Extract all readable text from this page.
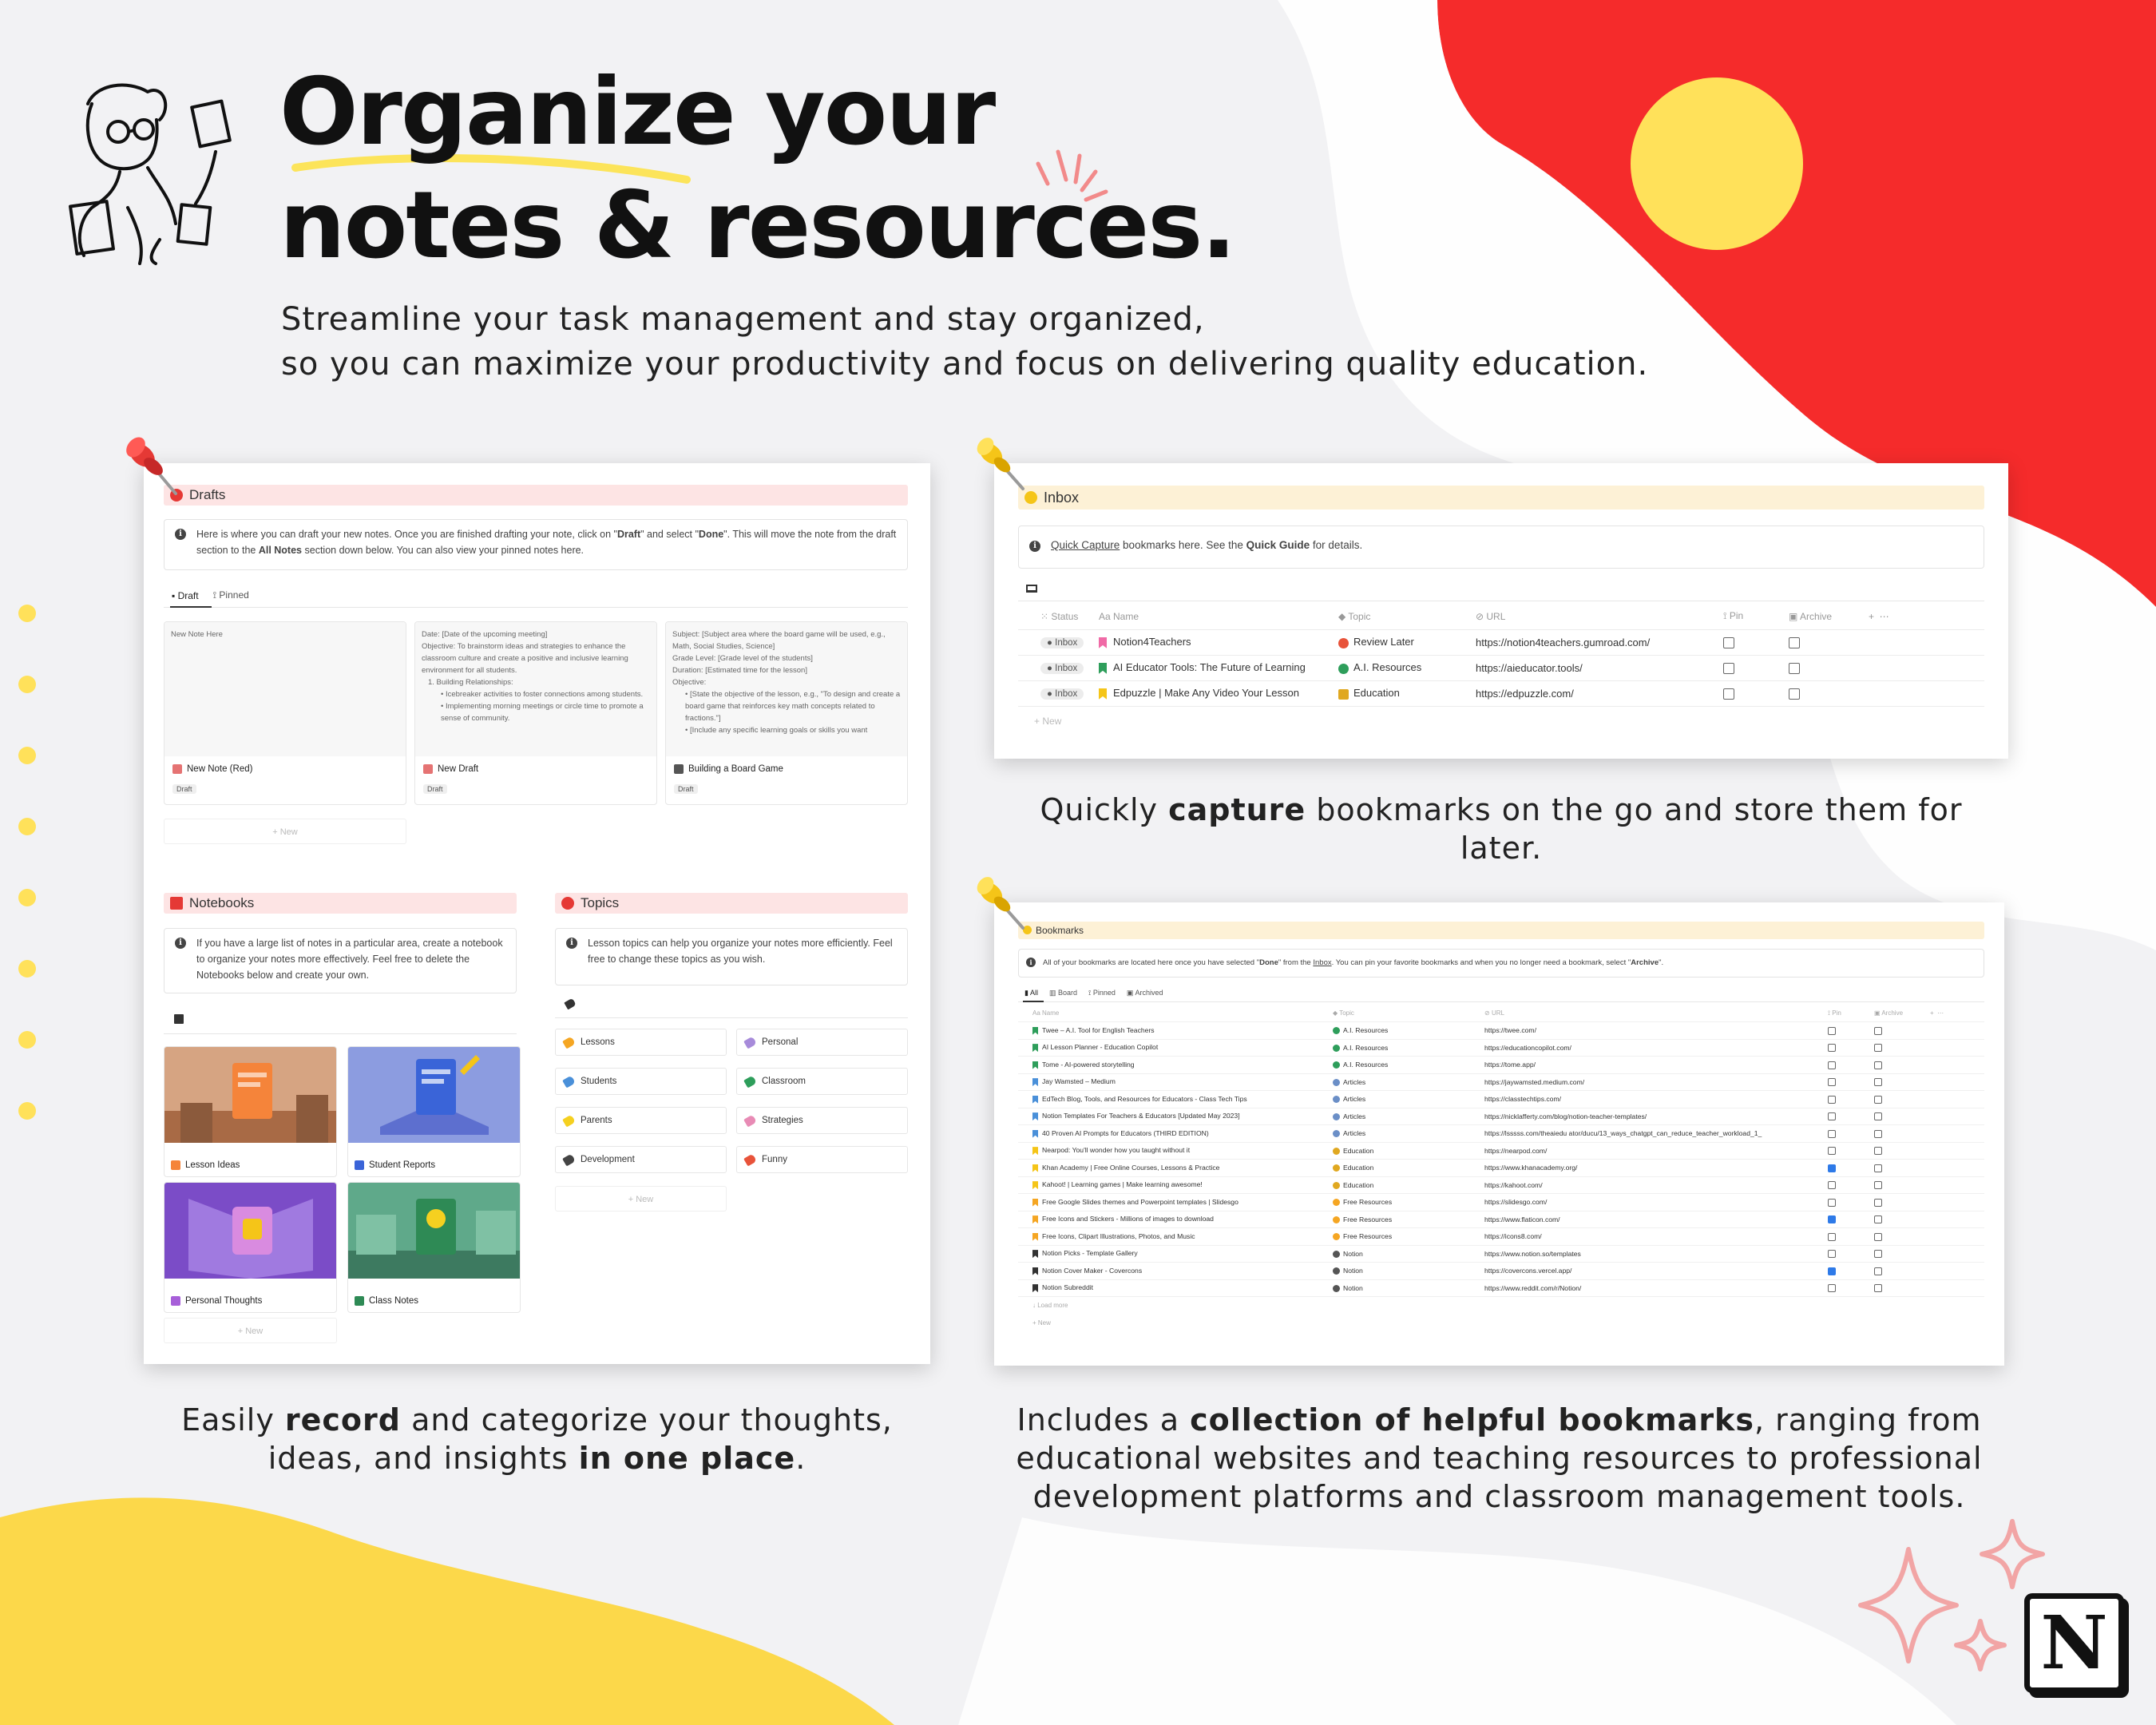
Organize your
notes & resources.
Streamline your task management and stay organized,
so you can maximize your productivity and focus on delivering quality education.
Drafts
i	Here is where you can draft your new notes. Once you are finished drafting your note, click on "Draft" and select "Done". This will move the note from the draft section to the All Notes section down below. You can also view your pinned notes here.
▪ Draft ⟟ Pinned
New Note Here
New Note (Red)
Draft
Date: [Date of the upcoming meeting]
Objective: To brainstorm ideas and strategies to enhance the classroom culture and create a positive and inclusive learning environment for all students.
1. Building Relationships:
• Icebreaker activities to foster connections among students.
• Implementing morning meetings or circle time to promote a sense of community.
New Draft
Draft
Subject: [Subject area where the board game will be used, e.g., Math, Social Studies, Science]
Grade Level: [Grade level of the students]
Duration: [Estimated time for the lesson]
Objective:
• [State the objective of the lesson, e.g., "To design and create a board game that reinforces key math concepts related to fractions."]
• [Include any specific learning goals or skills you want
Building a Board Game
Draft
+ New
Notebooks
i	If you have a large list of notes in a particular area, create a notebook to organize your notes more effectively. Feel free to delete the Notebooks below and create your own.
Lesson Ideas	Student Reports
Personal Thoughts	Class Notes
+ New
Topics
i	Lesson topics can help you organize your notes more efficiently. Feel free to change these topics as you wish.
Lessons	Personal
Students	Classroom
Parents	Strategies
Development	Funny
+ New
Inbox
i	Quick Capture bookmarks here. See the Quick Guide for details.
⁙ Status	Aa Name	◆ Topic	⊘ URL	⟟ Pin	▣ Archive	+  ⋯
● Inbox	Notion4Teachers	Review Later	https://notion4teachers.gumroad.com/			
● Inbox	AI Educator Tools: The Future of Learning	A.I. Resources	https://aieducator.tools/			
● Inbox	Edpuzzle | Make Any Video Your Lesson	Education	https://edpuzzle.com/			
+ New
Quickly capture bookmarks on the go and store them for later.
Bookmarks
i	All of your bookmarks are located here once you have selected "Done" from the Inbox. You can pin your favorite bookmarks and when you no longer need a bookmark, select "Archive".
▮ All ▥ Board ⟟ Pinned ▣ Archived
Aa Name	◆ Topic	⊘ URL	⟟ Pin	▣ Archive	+  ⋯
Twee – A.I. Tool for English Teachers	A.I. Resources	https://twee.com/			
AI Lesson Planner - Education Copilot	A.I. Resources	https://educationcopilot.com/			
Tome - AI-powered storytelling	A.I. Resources	https://tome.app/			
Jay Wamsted – Medium	Articles	https://jaywamsted.medium.com/			
EdTech Blog, Tools, and Resources for Educators - Class Tech Tips	Articles	https://classtechtips.com/			
Notion Templates For Teachers & Educators [Updated May 2023]	Articles	https://nicklafferty.com/blog/notion-teacher-templates/			
40 Proven AI Prompts for Educators (THIRD EDITION)	Articles	https://lsssss.com/theaiedu ator/ducu/13_ways_chatgpt_can_reduce_teacher_workload_1_			
Nearpod: You'll wonder how you taught without it	Education	https://nearpod.com/			
Khan Academy | Free Online Courses, Lessons & Practice	Education	https://www.khanacademy.org/			
Kahoot! | Learning games | Make learning awesome!	Education	https://kahoot.com/			
Free Google Slides themes and Powerpoint templates | Slidesgo	Free Resources	https://slidesgo.com/			
Free Icons and Stickers - Millions of images to download	Free Resources	https://www.flaticon.com/			
Free Icons, Clipart Illustrations, Photos, and Music	Free Resources	https://icons8.com/			
Notion Picks - Template Gallery	Notion	https://www.notion.so/templates			
Notion Cover Maker - Covercons	Notion	https://covercons.vercel.app/			
Notion Subreddit	Notion	https://www.reddit.com/r/Notion/			
↓ Load more
+ New
Easily record and categorize your thoughts,
ideas, and insights in one place.
Includes a collection of helpful bookmarks, ranging from
educational websites and teaching resources to professional
development platforms and classroom management tools.
N
